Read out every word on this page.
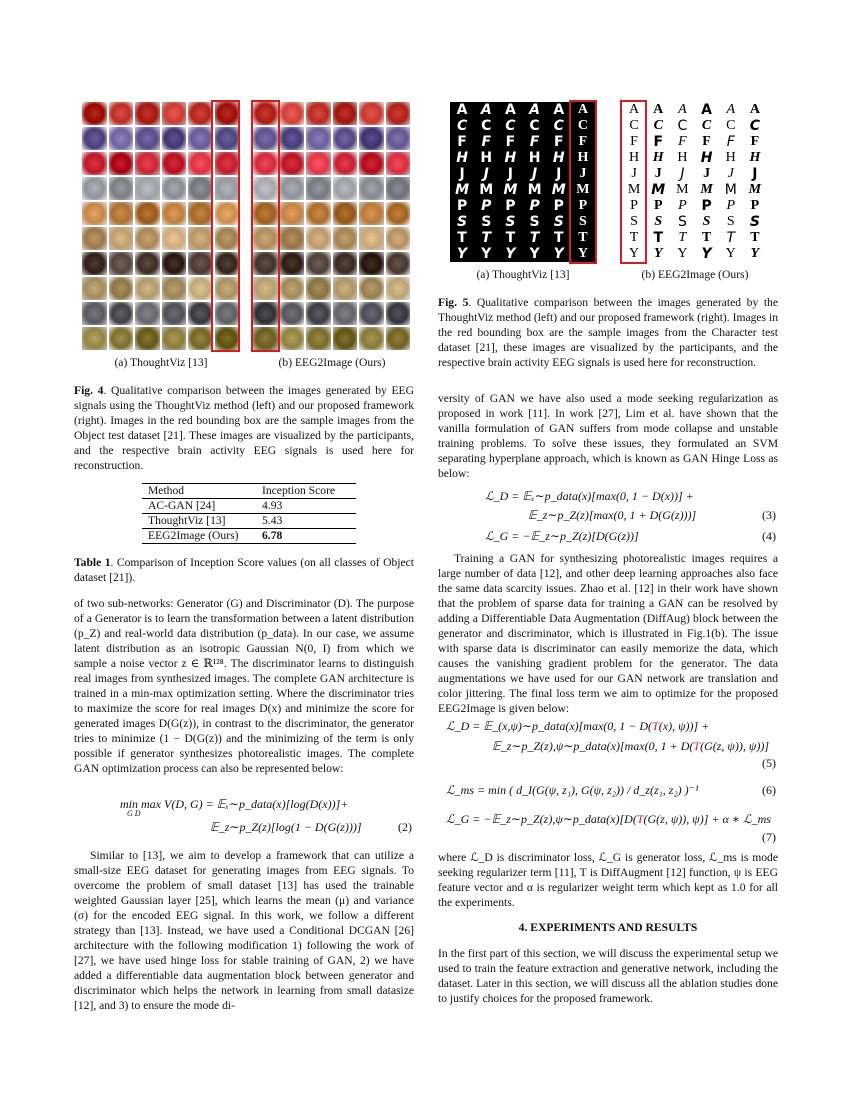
(a) ThoughtViz [13]	(b) EEG2Image (Ours)

Fig. 4. Qualitative comparison between the images generated by EEG signals using the ThoughtViz method (left) and our proposed framework (right). Images in the red bounding box are the sample images from the Object test dataset [21]. These images are visualized by the participants, and the respective brain activity EEG signals is used here for reconstruction.

Method	Inception Score
AC-GAN [24]	4.93
ThoughtViz [13]	5.43
EEG2Image (Ours)	6.78

Table 1. Comparison of Inception Score values (on all classes of Object dataset [21]).

of two sub-networks: Generator (G) and Discriminator (D). The purpose of a Generator is to learn the transformation between a latent distribution (p_Z) and real-world data distribution (p_data). In our case, we assume latent distribution as an isotropic Gaussian N(0, I) from which we sample a noise vector z ∈ ℝ¹²⁸. The discriminator learns to distinguish real images from synthesized images. The complete GAN architecture is trained in a min-max optimization setting. Where the discriminator tries to maximize the score for real images D(x) and minimize the score for generated images D(G(z)), in contrast to the discriminator, the generator tries to minimize (1 − D(G(z)) and the minimizing of the term is only possible if generator synthesizes photorealistic images. The complete GAN optimization process can also be represented below:

min max V(D, G) = 𝔼ₓ∼p_data(x)[log(D(x))]+
G D
𝔼_z∼p_Z(z)[log(1 − D(G(z)))]	(2)

Similar to [13], we aim to develop a framework that can utilize a small-size EEG dataset for generating images from EEG signals. To overcome the problem of small dataset [13] has used the trainable weighted Gaussian layer [25], which learns the mean (μ) and variance (σ) for the encoded EEG signal. In this work, we follow a different strategy than [13]. Instead, we have used a Conditional DCGAN [26] architecture with the following modification 1) following the work of [27], we have used hinge loss for stable training of GAN, 2) we have added a differentiable data augmentation block between generator and discriminator which helps the network in learning from small datasize [12], and 3) to ensure the mode di-

A A A A A A
C C C C C C
F	F	F	F	F	F
H H H H H H
J	J	J	J	J	J
M M M M M M
P P P P P	P
S	S	S	S	S	S
T	T	T	T	T	T
Y	Y	Y	Y	Y	Y
A	A	A	A	A	A
C	C	C	C	C	C
F	F	F	F	F	F
H H H H H H
J	J	J	J	J	J
M M M M M M
P	P	P	P	P	P
S	S	S	S	S	S
T	T	T	T	T	T
Y	Y	Y	Y	Y	Y
(a) ThoughtViz [13]	(b) EEG2Image (Ours)

Fig. 5. Qualitative comparison between the images generated by the ThoughtViz method (left) and our proposed framework (right). Images in the red bounding box are the sample images from the Character test dataset [21], these images are visualized by the participants, and the respective brain activity EEG signals is used here for reconstruction.

versity of GAN we have also used a mode seeking regularization as proposed in work [11]. In work [27], Lim et al. have shown that the vanilla formulation of GAN suffers from mode collapse and unstable training problems. To solve these issues, they formulated an SVM separating hyperplane approach, which is known as GAN Hinge Loss as below:

ℒ_D = 𝔼ₓ∼p_data(x)[max(0, 1 − D(x))] +
𝔼_z∼p_Z(z)[max(0, 1 + D(G(z)))]	(3)
ℒ_G = −𝔼_z∼p_Z(z)[D(G(z))]	(4)

Training a GAN for synthesizing photorealistic images requires a large number of data [12], and other deep learning approaches also face the same data scarcity issues. Zhao et al. [12] in their work have shown that the problem of sparse data for training a GAN can be resolved by adding a Differentiable Data Augmentation (DiffAug) block between the generator and discriminator, which is illustrated in Fig.1(b). The issue with sparse data is discriminator can easily memorize the data, which causes the vanishing gradient problem for the generator. The data augmentations we have used for our GAN network are translation and color jittering. The final loss term we aim to optimize for the proposed EEG2Image is given below:

ℒ_D = 𝔼_(x,ψ)∼p_data(x)[max(0, 1 − D(T(x), ψ))] +
𝔼_z∼p_Z(z),ψ∼p_data(x)[max(0, 1 + D(T(G(z, ψ)), ψ))]
(5)
ℒ_ms = min ( d_I(G(ψ, z₁), G(ψ, z₂)) / d_z(z₁, z₂) )⁻¹	(6)
ℒ_G = −𝔼_z∼p_Z(z),ψ∼p_data(x)[D(T(G(z, ψ)), ψ)] + α ∗ ℒ_ms
(7)

where ℒ_D is discriminator loss, ℒ_G is generator loss, ℒ_ms is mode seeking regularizer term [11], T is DiffAugment [12] function, ψ is EEG feature vector and α is regularizer weight term which kept as 1.0 for all the experiments.

4. EXPERIMENTS AND RESULTS

In the first part of this section, we will discuss the experimental setup we used to train the feature extraction and generative network, including the dataset. Later in this section, we will discuss all the ablation studies done to justify choices for the proposed framework.
